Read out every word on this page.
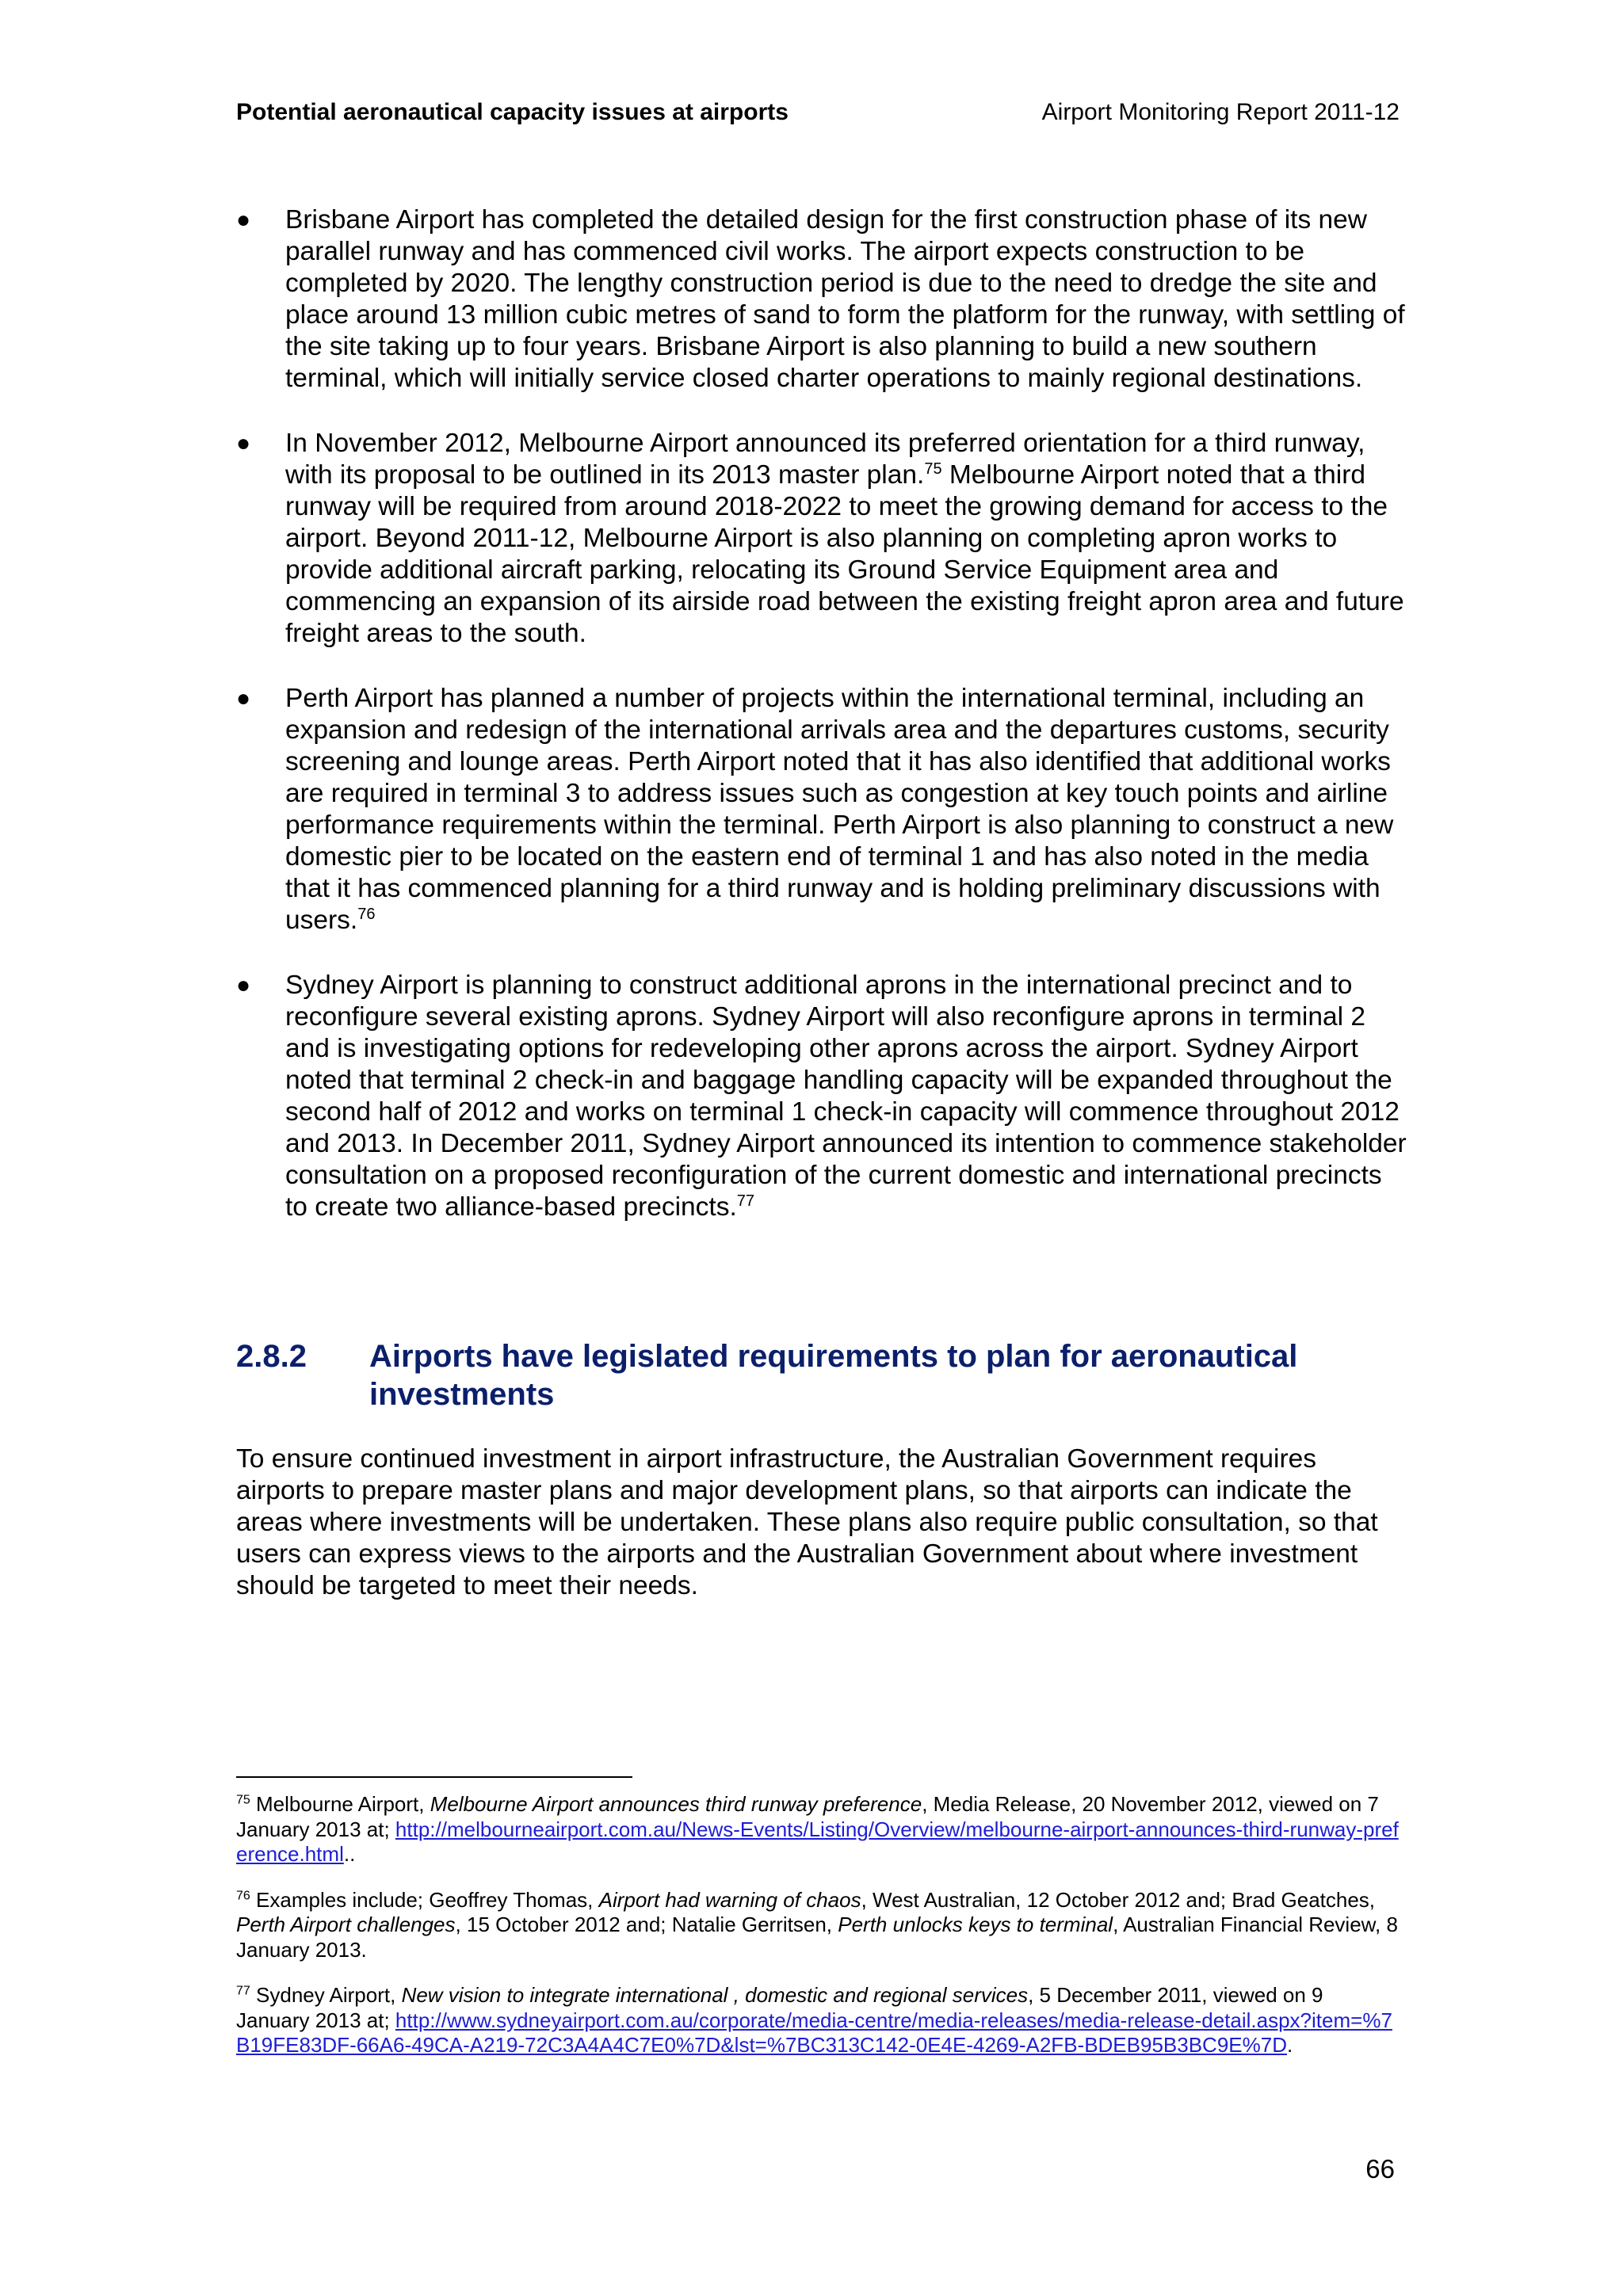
Potential aeronautical capacity issues at airports	Airport Monitoring Report 2011-12
●	Brisbane Airport has completed the detailed design for the first construction phase of its new parallel runway and has commenced civil works. The airport expects construction to be completed by 2020. The lengthy construction period is due to the need to dredge the site and place around 13 million cubic metres of sand to form the platform for the runway, with settling of the site taking up to four years. Brisbane Airport is also planning to build a new southern terminal, which will initially service closed charter operations to mainly regional destinations.
●	In November 2012, Melbourne Airport announced its preferred orientation for a third runway, with its proposal to be outlined in its 2013 master plan.$^{75}$ Melbourne Airport noted that a third runway will be required from around 2018-2022 to meet the growing demand for access to the airport. Beyond 2011-12, Melbourne Airport is also planning on completing apron works to provide additional aircraft parking, relocating its Ground Service Equipment area and commencing an expansion of its airside road between the existing freight apron area and future freight areas to the south.
●	Perth Airport has planned a number of projects within the international terminal, including an expansion and redesign of the international arrivals area and the departures customs, security screening and lounge areas. Perth Airport noted that it has also identified that additional works are required in terminal 3 to address issues such as congestion at key touch points and airline performance requirements within the terminal. Perth Airport is also planning to construct a new domestic pier to be located on the eastern end of terminal 1 and has also noted in the media that it has commenced planning for a third runway and is holding preliminary discussions with users.$^{76}$
●	Sydney Airport is planning to construct additional aprons in the international precinct and to reconfigure several existing aprons. Sydney Airport will also reconfigure aprons in terminal 2 and is investigating options for redeveloping other aprons across the airport. Sydney Airport noted that terminal 2 check-in and baggage handling capacity will be expanded throughout the second half of 2012 and works on terminal 1 check-in capacity will commence throughout 2012 and 2013. In December 2011, Sydney Airport announced its intention to commence stakeholder consultation on a proposed reconfiguration of the current domestic and international precincts to create two alliance-based precincts.$^{77}$
2.8.2 Airports have legislated requirements to plan for aeronautical investments

To ensure continued investment in airport infrastructure, the Australian Government requires airports to prepare master plans and major development plans, so that airports can indicate the areas where investments will be undertaken. These plans also require public consultation, so that users can express views to the airports and the Australian Government about where investment should be targeted to meet their needs.

$^{75}$ Melbourne Airport, Melbourne Airport announces third runway preference, Media Release, 20 November 2012, viewed on 7 January 2013 at; http://melbourneairport.com.au/News-Events/Listing/Overview/melbourne-airport-announces-third-runway-preference.html..

$^{76}$ Examples include; Geoffrey Thomas, Airport had warning of chaos, West Australian, 12 October 2012 and; Brad Geatches, Perth Airport challenges, 15 October 2012 and; Natalie Gerritsen, Perth unlocks keys to terminal, Australian Financial Review, 8 January 2013.

$^{77}$ Sydney Airport, New vision to integrate international , domestic and regional services, 5 December 2011, viewed on 9 January 2013 at; http://www.sydneyairport.com.au/corporate/media-centre/media-releases/media-release-detail.aspx?item=%7B19FE83DF-66A6-49CA-A219-72C3A4A4C7E0%7D&lst=%7BC313C142-0E4E-4269-A2FB-BDEB95B3BC9E%7D.

66
